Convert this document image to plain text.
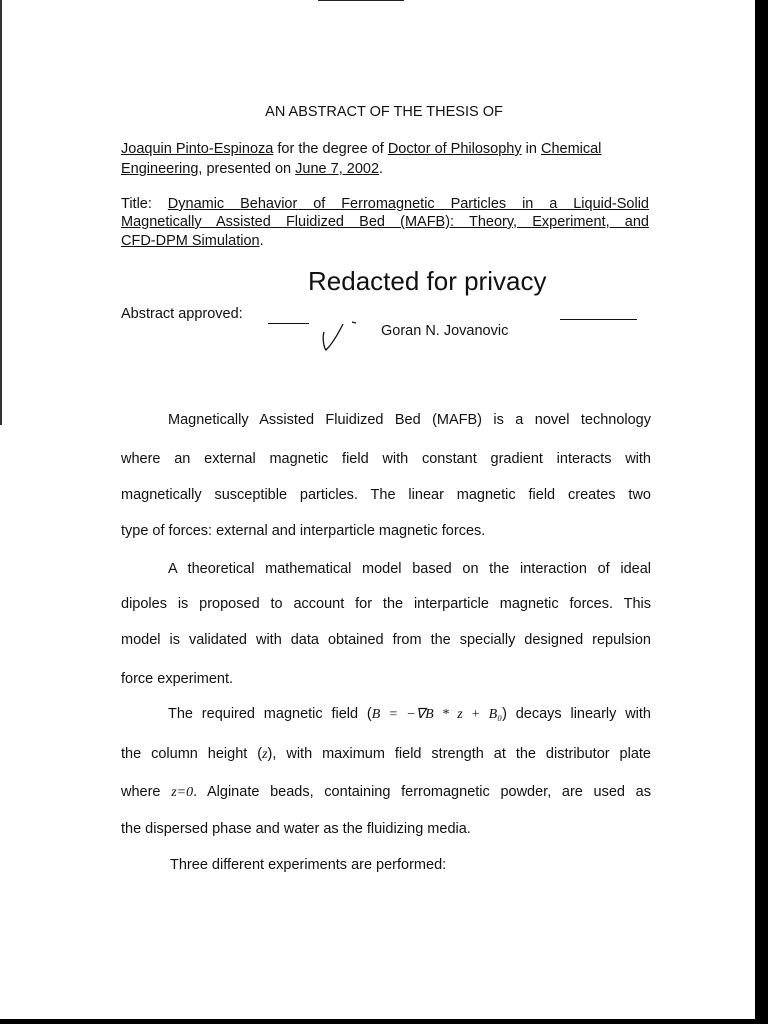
AN ABSTRACT OF THE THESIS OF
Joaquin Pinto-Espinoza for the degree of Doctor of Philosophy in Chemical
Engineering, presented on June 7, 2002.
Title: Dynamic Behavior of Ferromagnetic Particles in a Liquid-Solid
Magnetically Assisted Fluidized Bed (MAFB): Theory, Experiment, and
CFD-DPM Simulation.
Redacted for privacy
Abstract approved:
Goran N. Jovanovic
Magnetically Assisted Fluidized Bed (MAFB) is a novel technology
where an external magnetic field with constant gradient interacts with
magnetically susceptible particles. The linear magnetic field creates two
type of forces: external and interparticle magnetic forces.
A theoretical mathematical model based on the interaction of ideal
dipoles is proposed to account for the interparticle magnetic forces. This
model is validated with data obtained from the specially designed repulsion
force experiment.
The required magnetic field (B = −∇B * z + B₀) decays linearly with
the column height (z), with maximum field strength at the distributor plate
where z=0. Alginate beads, containing ferromagnetic powder, are used as
the dispersed phase and water as the fluidizing media.
Three different experiments are performed:
